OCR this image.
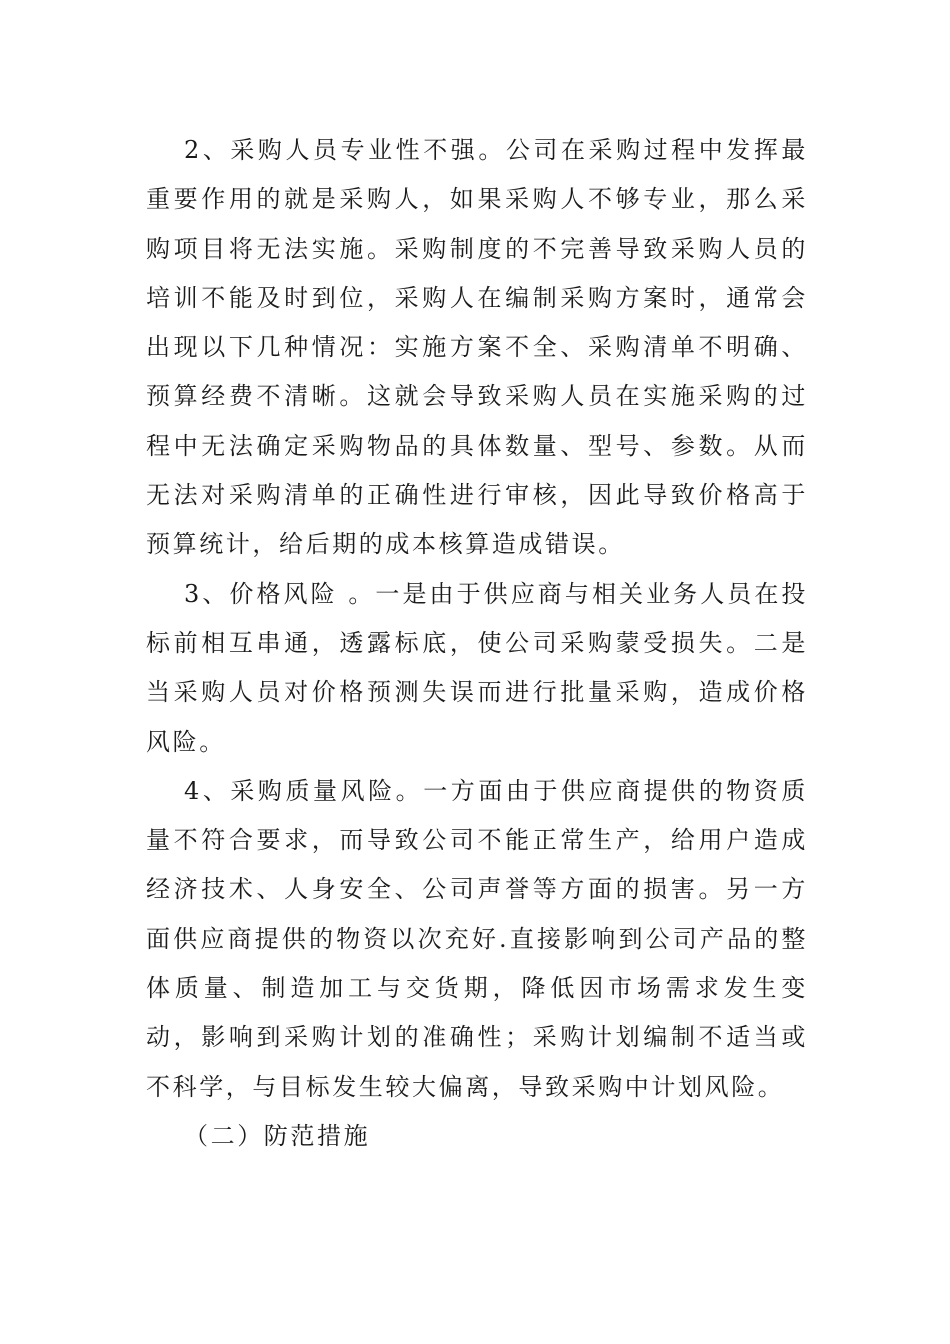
2、采购人员专业性不强。公司在采购过程中发挥最重要作用的就是采购人，如果采购人不够专业，那么采购项目将无法实施。采购制度的不完善导致采购人员的培训不能及时到位，采购人在编制采购方案时，通常会出现以下几种情况：实施方案不全、采购清单不明确、预算经费不清晰。这就会导致采购人员在实施采购的过程中无法确定采购物品的具体数量、型号、参数。从而无法对采购清单的正确性进行审核，因此导致价格高于预算统计，给后期的成本核算造成错误。

3、价格风险 。一是由于供应商与相关业务人员在投标前相互串通，透露标底，使公司采购蒙受损失。二是当采购人员对价格预测失误而进行批量采购，造成价格风险。

4、采购质量风险。一方面由于供应商提供的物资质量不符合要求，而导致公司不能正常生产，给用户造成经济技术、人身安全、公司声誉等方面的损害。另一方面供应商提供的物资以次充好.直接影响到公司产品的整体质量、制造加工与交货期，降低因市场需求发生变动，影响到采购计划的准确性；采购计划编制不适当或不科学，与目标发生较大偏离，导致采购中计划风险。

（二）防范措施
